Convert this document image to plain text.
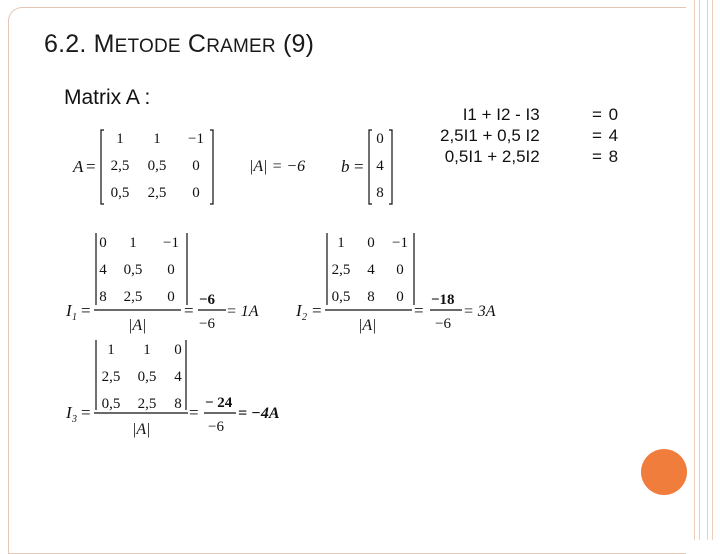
6.2. METODE CRAMER (9)
Matrix A :
I1 + I2 - I3
2,5I1 + 0,5 I2
0,5I1 + 2,5I2
= 0
= 4
= 8
A =
1 1 −1
2,5 0,5 0
0,5 2,5 0
|A| = −6 b =
0
4
8
I 1 =
0 1 −1
4 0,5 0
8 2,5 0
|A|
=
−6
−6
= 1A I 2 =
1 0 −1
2,5 4 0
0,5 8 0
|A|
=
−18
−6
= 3A
I 3 =
1 1 0
2,5 0,5 4
0,5 2,5 8
|A|
= − 24
−6
= −4A
